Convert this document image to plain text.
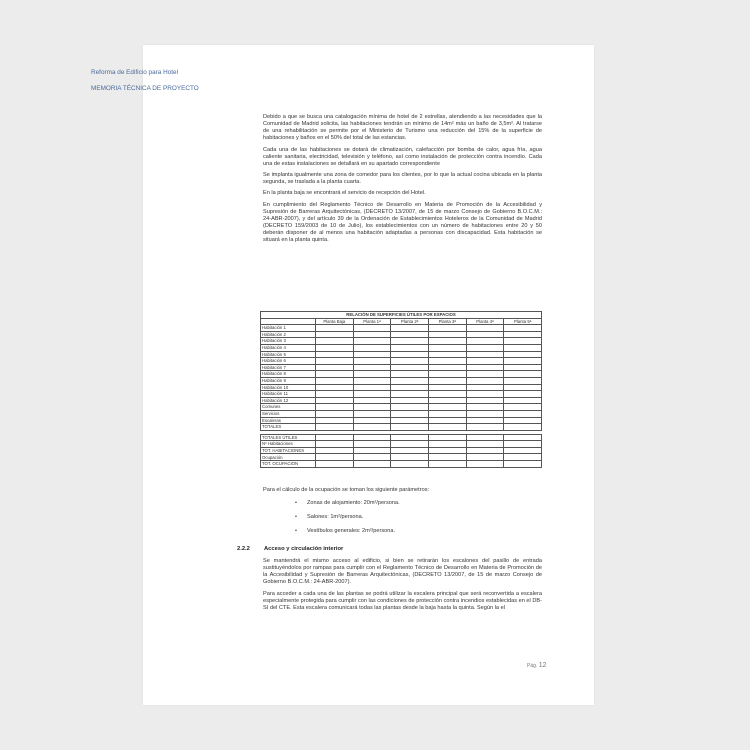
Reforma de Edificio para Hotel
MEMORIA TÉCNICA DE PROYECTO

Debido a que se busca una catalogación mínima de hotel de 2 estrellas, atendiendo a las necesidades que la Comunidad de Madrid solicita, las habitaciones tendrán un mínimo de 14m² más un baño de 3,5m². Al tratarse de una rehabilitación se permite por el Ministerio de Turismo una reducción del 15% de la superficie de habitaciones y baños en el 50% del total de las estancias.

Cada una de las habitaciones se dotará de climatización, calefacción por bomba de calor, agua fría, agua caliente sanitaria, electricidad, televisión y teléfono, así como instalación de protección contra incendio. Cada una de estas instalaciones se detallará en su apartado correspondiente

Se implanta igualmente una zona de comedor para los clientes, por lo que la actual cocina ubicada en la planta segunda, se traslada a la planta cuarta.

En la planta baja se encontrará el servicio de recepción del Hotel.

En cumplimiento del Reglamento Técnico de Desarrollo en Materia de Promoción de la Accesibilidad y Supresión de Barreras Arquitectónicas, (DECRETO 13/2007, de 15 de marzo Consejo de Gobierno B.O.C.M.: 24-ABR-2007), y del artículo 39 de la Ordenación de Establecimientos Hoteleros de la Comunidad de Madrid (DECRETO 159/2003 de 10 de Julio), los establecimientos con un número de habitaciones entre 20 y 50 deberán disponer de al menos una habitación adaptadas a personas con discapacidad. Esta habitación se situará en la planta quinta.

RELACIÓN DE SUPERFICIES ÚTILES POR ESPACIOS						
	Planta Baja	Planta 1ª	Planta 2ª	Planta 3ª	Planta 4ª	Planta 5ª
Habitación 1						
Habitación 2						
Habitación 3						
Habitación 4						
Habitación 5						
Habitación 6						
Habitación 7						
Habitación 8						
Habitación 9						
Habitación 10						
Habitación 11						
Habitación 12						
Comunes						
Servicios						
Escaleras						
TOTALES						

TOTALES ÚTILES						
Nº Habitaciones						
TOT. HABITACIONES						
Ocupación						
TOT. OCUPACION						
Para el cálculo de la ocupación se toman los siguiente parámetros:
• Zonas de alojamiento: 20m²/persona.
• Salones: 1m²/persona.
• Vestíbulos generales: 2m²/persona.
2.2.2 Acceso y circulación interior

Se mantendrá el mismo acceso al edificio, si bien se retirarán los escalones del pasillo de entrada sustituyéndolos por rampas para cumplir con el Reglamento Técnico de Desarrollo en Materia de Promoción de la Accesibilidad y Supresión de Barreras Arquitectónicas, (DECRETO 13/2007, de 15 de marzo Consejo de Gobierno B.O.C.M.: 24-ABR-2007).

Para acceder a cada una de las plantas se podrá utilizar la escalera principal que será reconvertida a escalera especialmente protegida para cumplir con las condiciones de protección contra incendios establecidas en el DB-SI del CTE. Esta escalera comunicará todas las plantas desde la baja hasta la quinta. Según la el

Pág. 12
